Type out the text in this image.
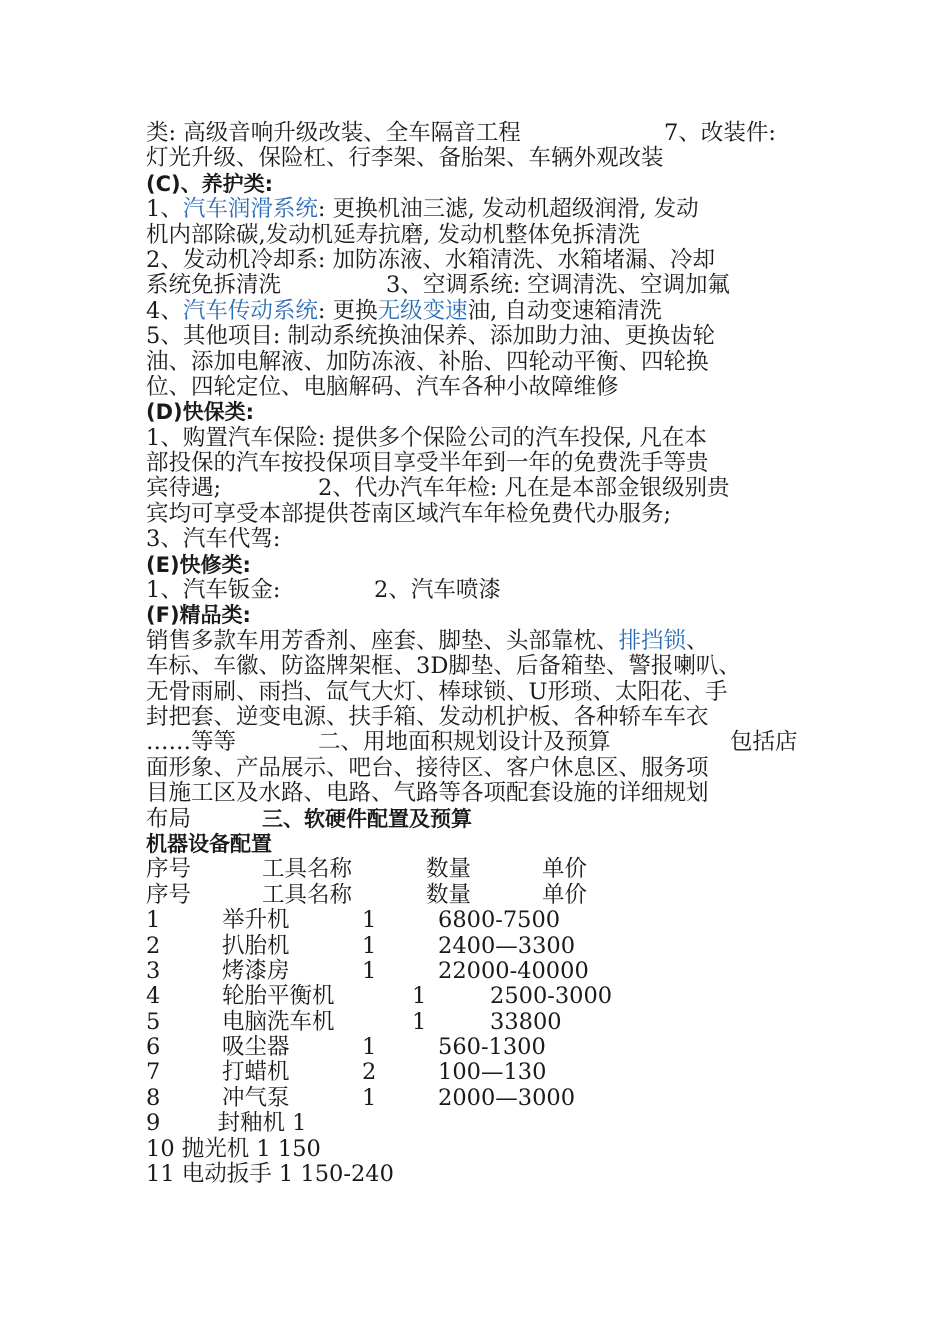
类: 高级音响升级改装、全车隔音工程	7、改装件:
灯光升级、保险杠、行李架、备胎架、车辆外观改装
(C)、养护类:
1、汽车润滑系统: 更换机油三滤, 发动机超级润滑, 发动
机内部除碳,发动机延寿抗磨, 发动机整体免拆清洗
2、发动机冷却系: 加防冻液、水箱清洗、水箱堵漏、冷却
系统免拆清洗	3、空调系统: 空调清洗、空调加氟
4、汽车传动系统: 更换无级变速油, 自动变速箱清洗
5、其他项目: 制动系统换油保养、添加助力油、更换齿轮
油、添加电解液、加防冻液、补胎、四轮动平衡、四轮换
位、四轮定位、电脑解码、汽车各种小故障维修
(D)快保类:
1、购置汽车保险: 提供多个保险公司的汽车投保, 凡在本
部投保的汽车按投保项目享受半年到一年的免费洗手等贵
宾待遇;	2、代办汽车年检: 凡在是本部金银级别贵
宾均可享受本部提供苍南区域汽车年检免费代办服务;
3、汽车代驾:
(E)快修类:
1、汽车钣金:	2、汽车喷漆
(F)精品类:
销售多款车用芳香剂、座套、脚垫、头部靠枕、排挡锁、
车标、车徽、防盗牌架框、3D脚垫、后备箱垫、警报喇叭、
无骨雨刷、雨挡、氙气大灯、棒球锁、U形琐、太阳花、手
封把套、逆变电源、扶手箱、发动机护板、各种轿车车衣
……等等	二、用地面积规划设计及预算	包括店
面形象、产品展示、吧台、接待区、客户休息区、服务项
目施工区及水路、电路、气路等各项配套设施的详细规划
布局	三、软硬件配置及预算
机器设备配置
序号	工具名称	数量	单价
序号	工具名称	数量	单价
1	举升机	1	6800-7500
2	扒胎机	1	2400—3300
3	烤漆房	1	22000-40000
4	轮胎平衡机	1	2500-3000
5	电脑洗车机	1	33800
6	吸尘器	1	560-1300
7	打蜡机	2	100—130
8	冲气泵	1	2000—3000
9        封釉机 1
10 抛光机 1 150
11 电动扳手 1 150-240
